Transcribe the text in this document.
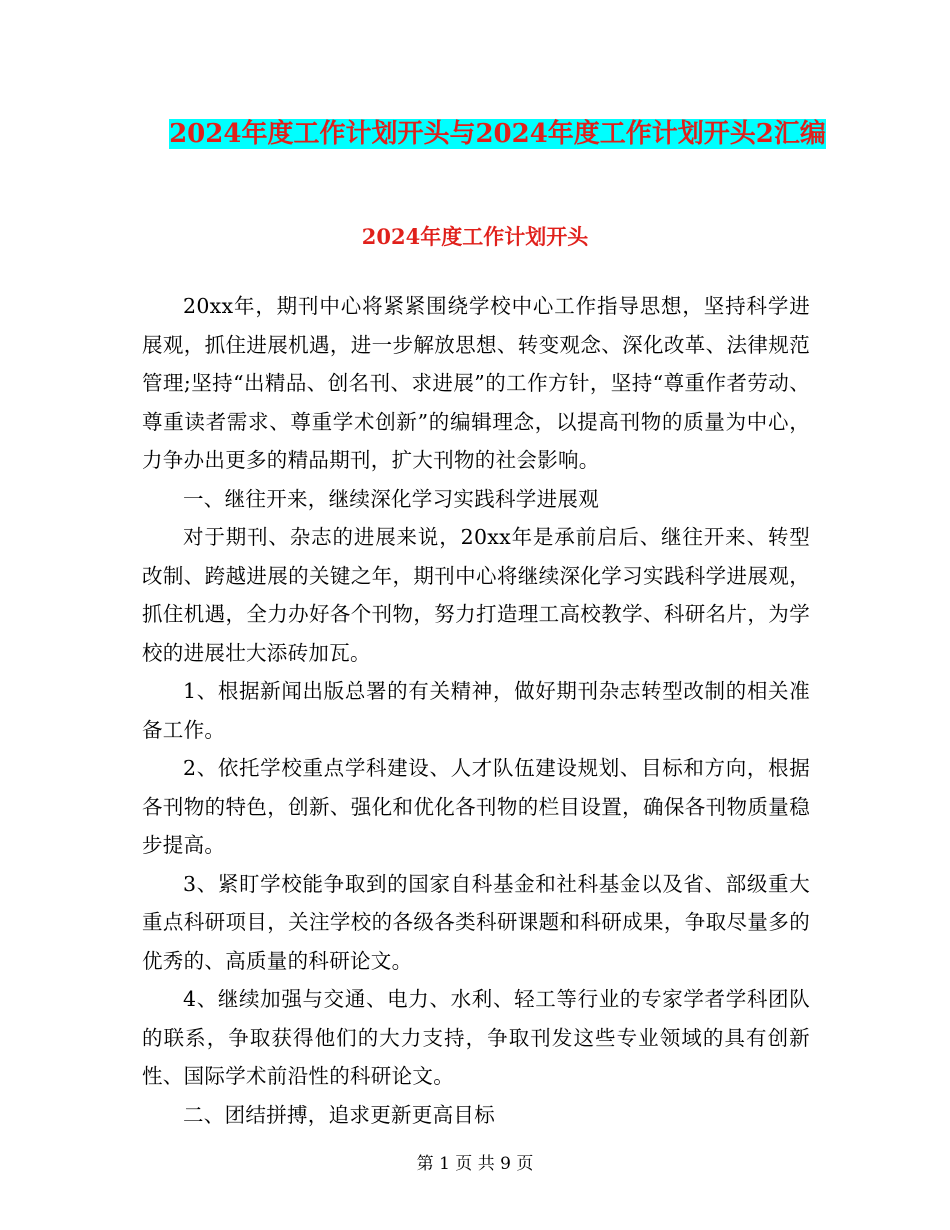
2024年度工作计划开头与2024年度工作计划开头2汇编
2024年度工作计划开头

20xx年，期刊中心将紧紧围绕学校中心工作指导思想，坚持科学进展观，抓住进展机遇，进一步解放思想、转变观念、深化改革、法律规范管理;坚持“出精品、创名刊、求进展”的工作方针，坚持“尊重作者劳动、尊重读者需求、尊重学术创新”的编辑理念，以提高刊物的质量为中心，力争办出更多的精品期刊，扩大刊物的社会影响。

一、继往开来，继续深化学习实践科学进展观

对于期刊、杂志的进展来说，20xx年是承前启后、继往开来、转型改制、跨越进展的关键之年，期刊中心将继续深化学习实践科学进展观，抓住机遇，全力办好各个刊物，努力打造理工高校教学、科研名片，为学校的进展壮大添砖加瓦。

1、根据新闻出版总署的有关精神，做好期刊杂志转型改制的相关准备工作。

2、依托学校重点学科建设、人才队伍建设规划、目标和方向，根据各刊物的特色，创新、强化和优化各刊物的栏目设置，确保各刊物质量稳步提高。

3、紧盯学校能争取到的国家自科基金和社科基金以及省、部级重大重点科研项目，关注学校的各级各类科研课题和科研成果，争取尽量多的优秀的、高质量的科研论文。

4、继续加强与交通、电力、水利、轻工等行业的专家学者学科团队的联系，争取获得他们的大力支持，争取刊发这些专业领域的具有创新性、国际学术前沿性的科研论文。

二、团结拼搏，追求更新更高目标

第 1 页 共 9 页
